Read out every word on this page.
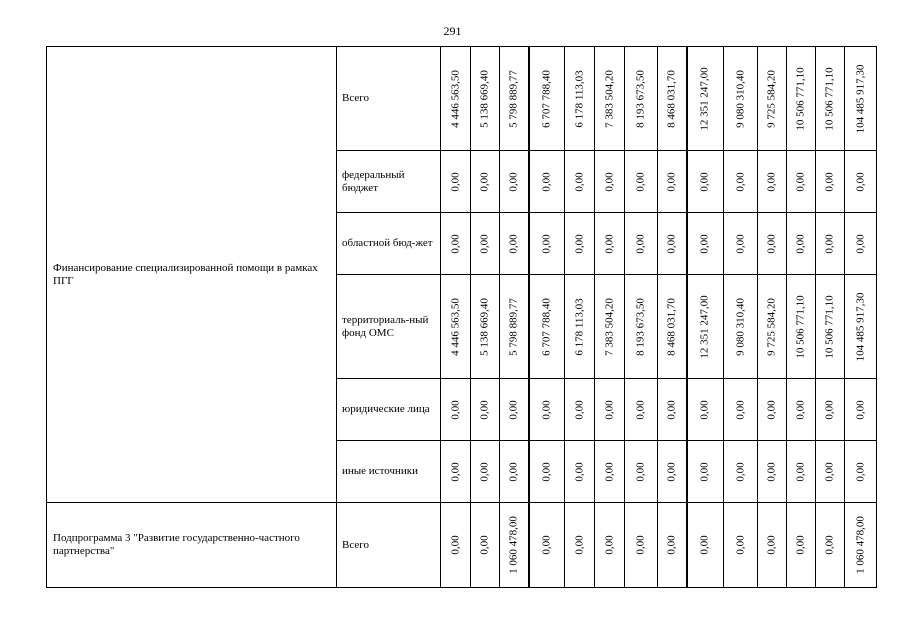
291
Финансирование специализированной помощи в рамках ПГГ	Всего	4 446 563,50	5 138 669,40	5 798 889,77	6 707 788,40	6 178 113,03	7 383 504,20	8 193 673,50	8 468 031,70	12 351 247,00	9 080 310,40	9 725 584,20	10 506 771,10	10 506 771,10	104 485 917,30

	федеральный бюджет	0,00	0,00	0,00	0,00	0,00	0,00	0,00	0,00	0,00	0,00	0,00	0,00	0,00	0,00

	областной бюд-жет	0,00	0,00	0,00	0,00	0,00	0,00	0,00	0,00	0,00	0,00	0,00	0,00	0,00	0,00

	территориаль-ный фонд ОМС	4 446 563,50	5 138 669,40	5 798 889,77	6 707 788,40	6 178 113,03	7 383 504,20	8 193 673,50	8 468 031,70	12 351 247,00	9 080 310,40	9 725 584,20	10 506 771,10	10 506 771,10	104 485 917,30

	юридические лица	0,00	0,00	0,00	0,00	0,00	0,00	0,00	0,00	0,00	0,00	0,00	0,00	0,00	0,00

	иные источники	0,00	0,00	0,00	0,00	0,00	0,00	0,00	0,00	0,00	0,00	0,00	0,00	0,00	0,00

Подпрограмма 3 "Развитие государственно-частного партнерства"	Всего	0,00	0,00	1 060 478,00	0,00	0,00	0,00	0,00	0,00	0,00	0,00	0,00	0,00	0,00	1 060 478,00
